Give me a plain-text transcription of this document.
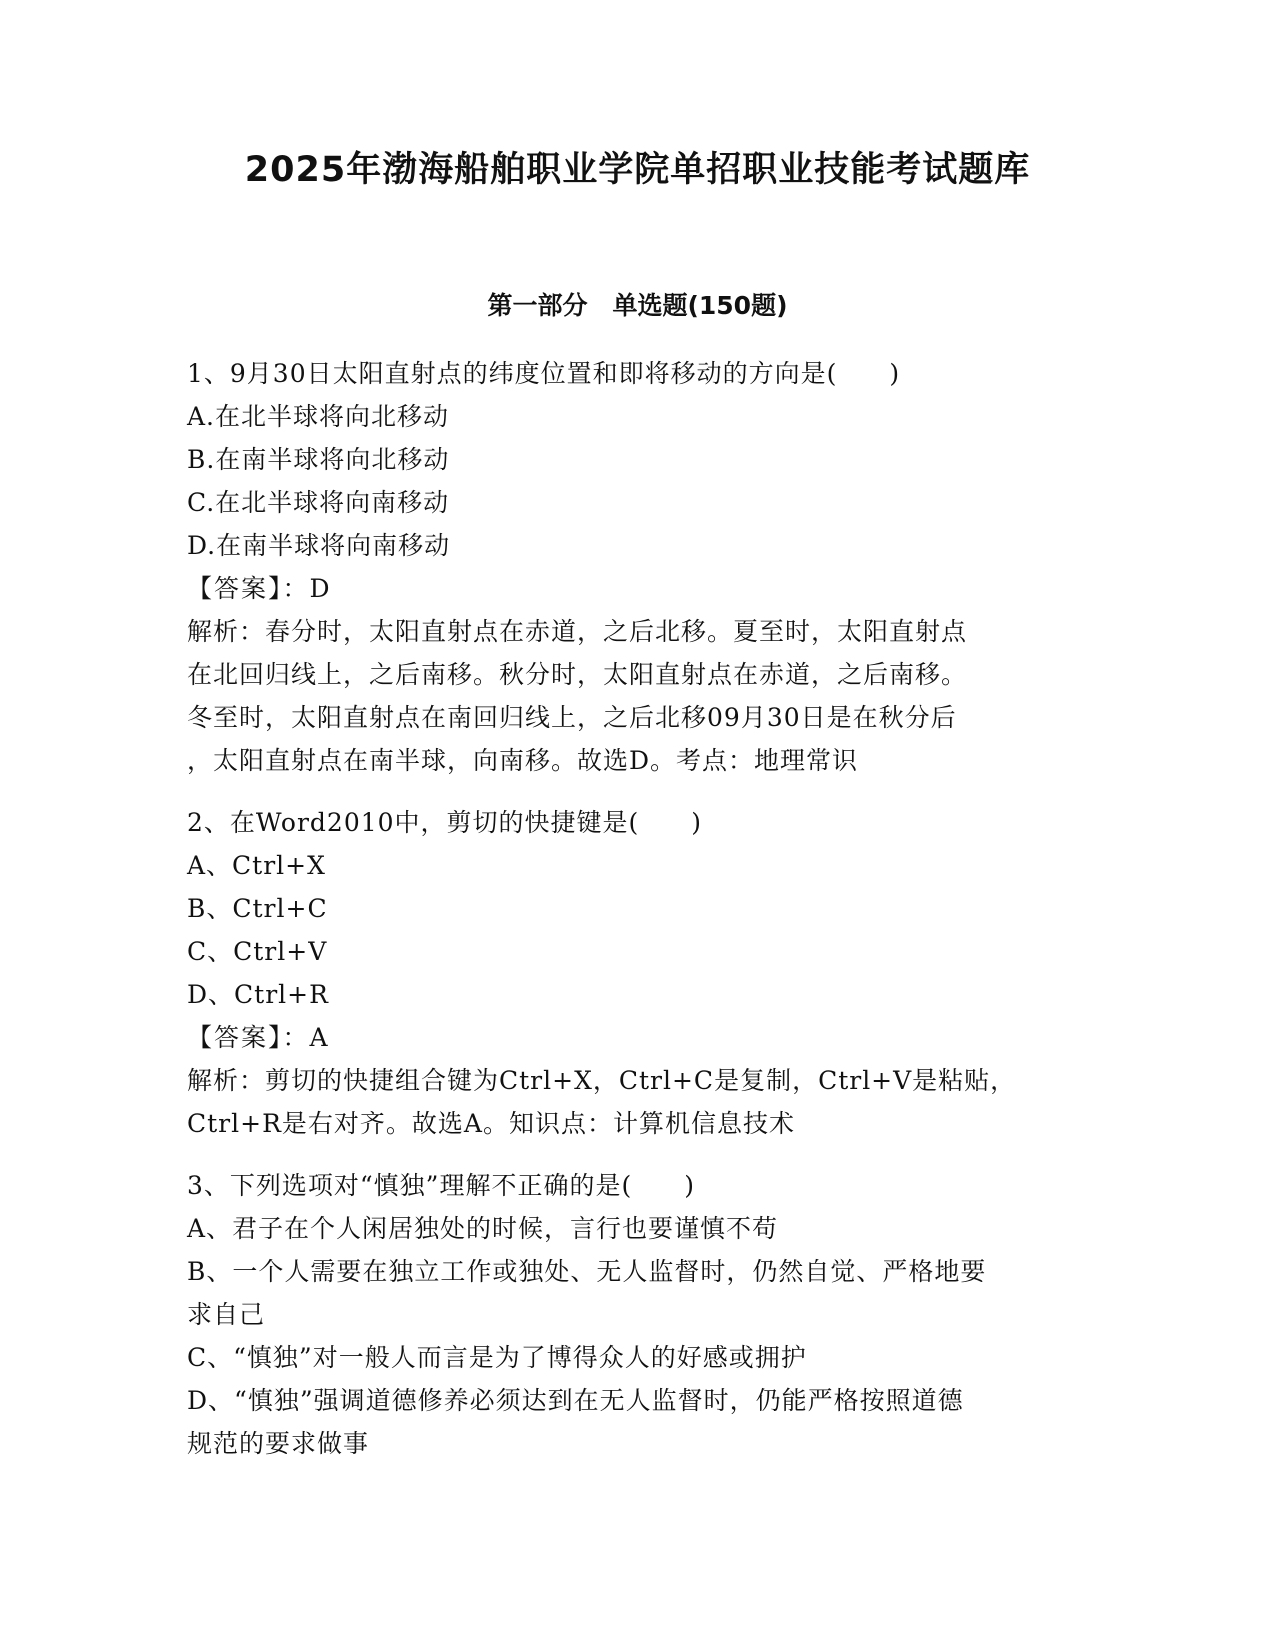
2025年渤海船舶职业学院单招职业技能考试题库
第一部分　单选题(150题)
1、9月30日太阳直射点的纬度位置和即将移动的方向是(　　)
A.在北半球将向北移动
B.在南半球将向北移动
C.在北半球将向南移动
D.在南半球将向南移动
【答案】：D
解析：春分时，太阳直射点在赤道，之后北移。夏至时，太阳直射点
在北回归线上，之后南移。秋分时，太阳直射点在赤道，之后南移。
冬至时，太阳直射点在南回归线上，之后北移09月30日是在秋分后
，太阳直射点在南半球，向南移。故选D。考点：地理常识
2、在Word2010中，剪切的快捷键是(　　)
A、Ctrl+X
B、Ctrl+C
C、Ctrl+V
D、Ctrl+R
【答案】：A
解析：剪切的快捷组合键为Ctrl+X，Ctrl+C是复制，Ctrl+V是粘贴，
Ctrl+R是右对齐。故选A。知识点：计算机信息技术
3、下列选项对“慎独”理解不正确的是(　　)
A、君子在个人闲居独处的时候，言行也要谨慎不苟
B、一个人需要在独立工作或独处、无人监督时，仍然自觉、严格地要
求自己
C、“慎独”对一般人而言是为了博得众人的好感或拥护
D、“慎独”强调道德修养必须达到在无人监督时，仍能严格按照道德
规范的要求做事
